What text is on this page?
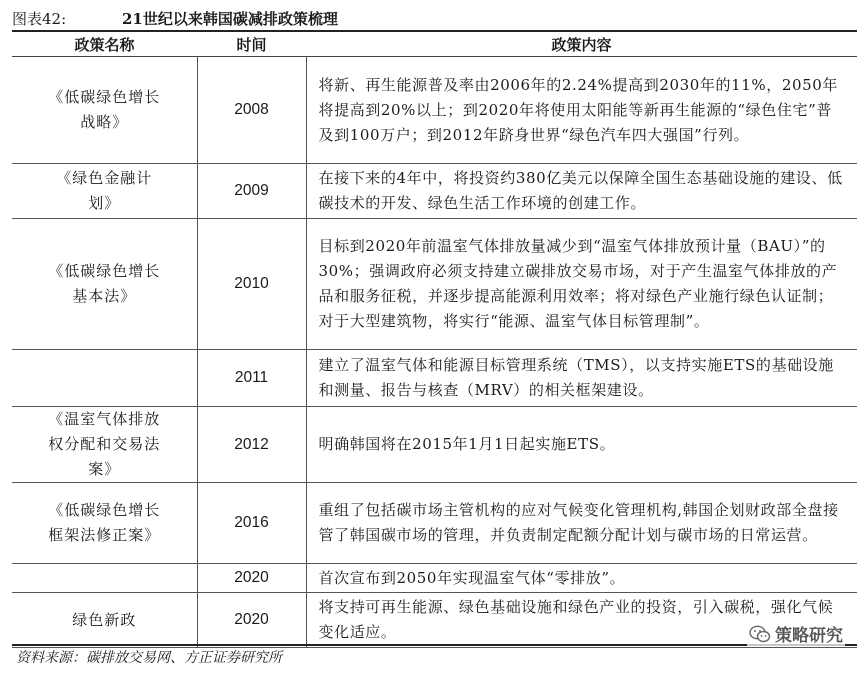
图表42:	21世纪以来韩国碳减排政策梳理
政策名称	时间	政策内容
《低碳绿色增长战略》	2008	将新、再生能源普及率由2006年的2.24%提高到2030年的11%，2050年将提高到20%以上；到2020年将使用太阳能等新再生能源的“绿色住宅”普及到100万户；到2012年跻身世界“绿色汽车四大强国”行列。
《绿色金融计划》	2009	在接下来的4年中，将投资约380亿美元以保障全国生态基础设施的建设、低碳技术的开发、绿色生活工作环境的创建工作。
《低碳绿色增长基本法》	2010	目标到2020年前温室气体排放量减少到“温室气体排放预计量（BAU）”的30%；强调政府必须支持建立碳排放交易市场，对于产生温室气体排放的产品和服务征税，并逐步提高能源利用效率；将对绿色产业施行绿色认证制；对于大型建筑物，将实行“能源、温室气体目标管理制”。
	2011	建立了温室气体和能源目标管理系统（TMS），以支持实施ETS的基础设施和测量、报告与核查（MRV）的相关框架建设。
《温室气体排放权分配和交易法案》	2012	明确韩国将在2015年1月1日起实施ETS。
《低碳绿色增长框架法修正案》	2016	重组了包括碳市场主管机构的应对气候变化管理机构,韩国企划财政部全盘接管了韩国碳市场的管理，并负责制定配额分配计划与碳市场的日常运营。
	2020	首次宣布到2050年实现温室气体“零排放”。
绿色新政	2020	将支持可再生能源、绿色基础设施和绿色产业的投资，引入碳税，强化气候变化适应。
资料来源：碳排放交易网、方正证券研究所
策略研究
